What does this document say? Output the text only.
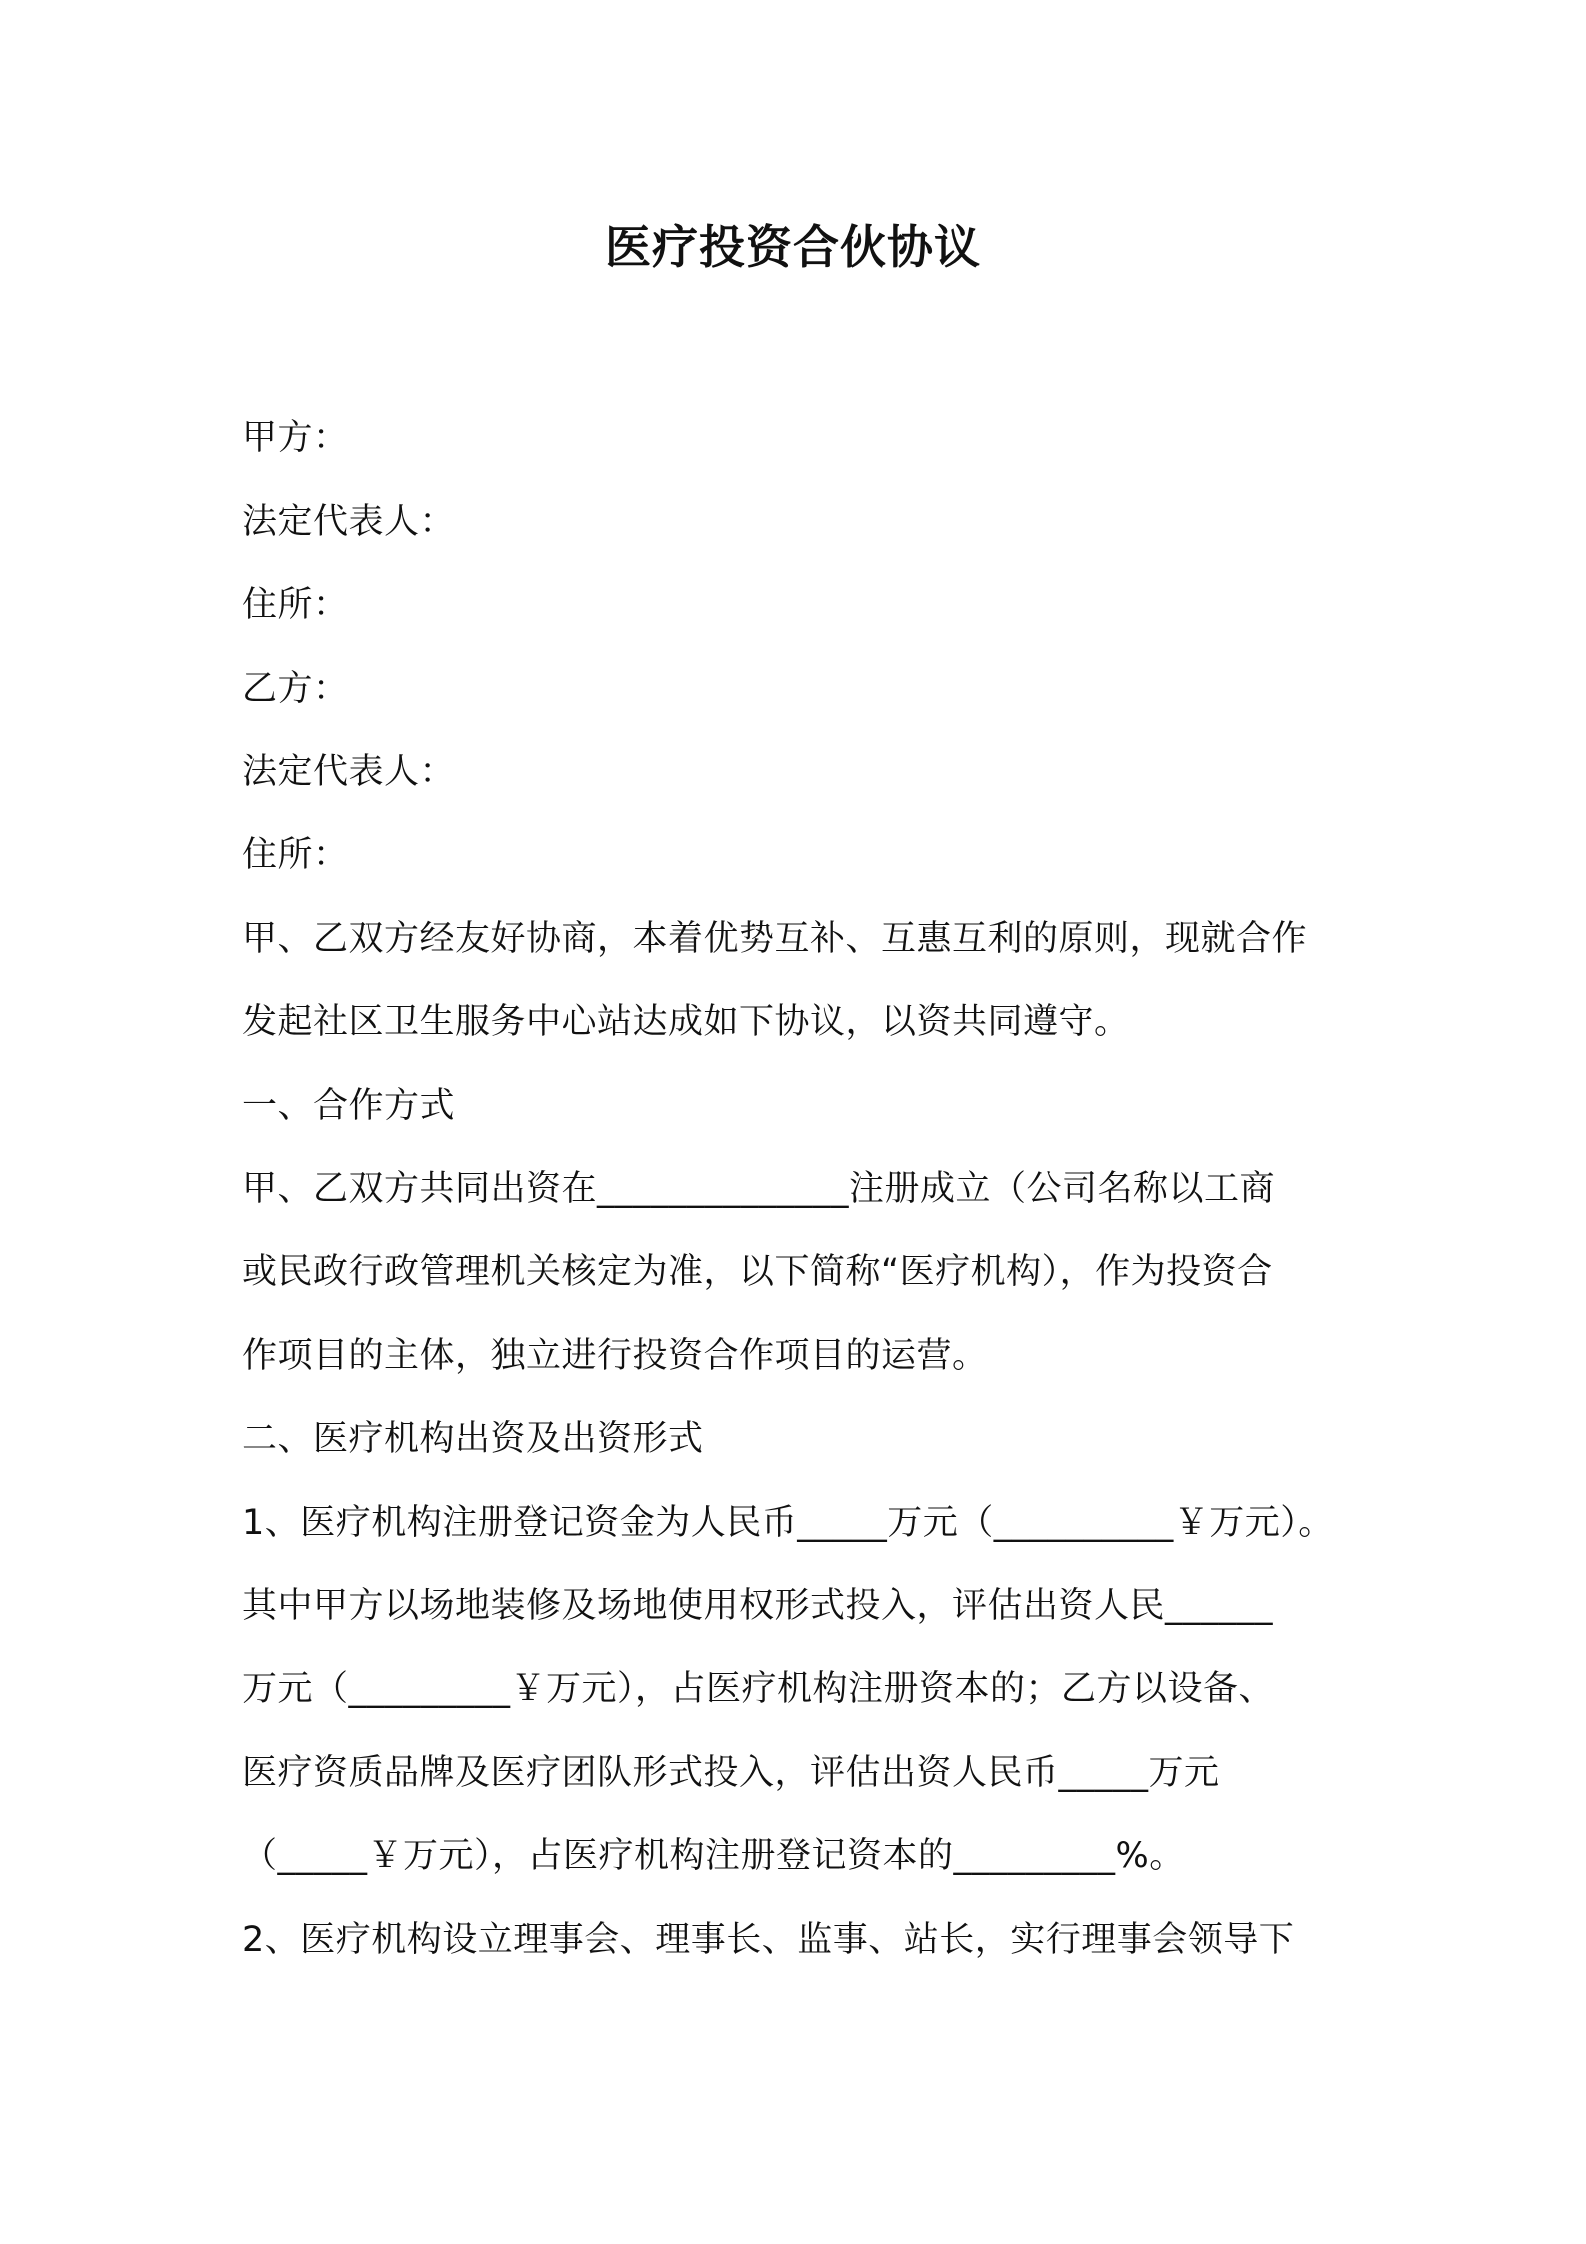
医疗投资合伙协议
甲方：
法定代表人：
住所：
乙方：
法定代表人：
住所：
甲、乙双方经友好协商，本着优势互补、互惠互利的原则，现就合作
发起社区卫生服务中心站达成如下协议，以资共同遵守。
一、合作方式
甲、乙双方共同出资在______________注册成立（公司名称以工商
或民政行政管理机关核定为准，以下简称“医疗机构），作为投资合
作项目的主体，独立进行投资合作项目的运营。
二、医疗机构出资及出资形式
1、医疗机构注册登记资金为人民币_____万元（__________￥万元）。
其中甲方以场地装修及场地使用权形式投入，评估出资人民______
万元（_________￥万元），占医疗机构注册资本的；乙方以设备、
医疗资质品牌及医疗团队形式投入，评估出资人民币_____万元
（_____￥万元），占医疗机构注册登记资本的_________%。
2、医疗机构设立理事会、理事长、监事、站长，实行理事会领导下
